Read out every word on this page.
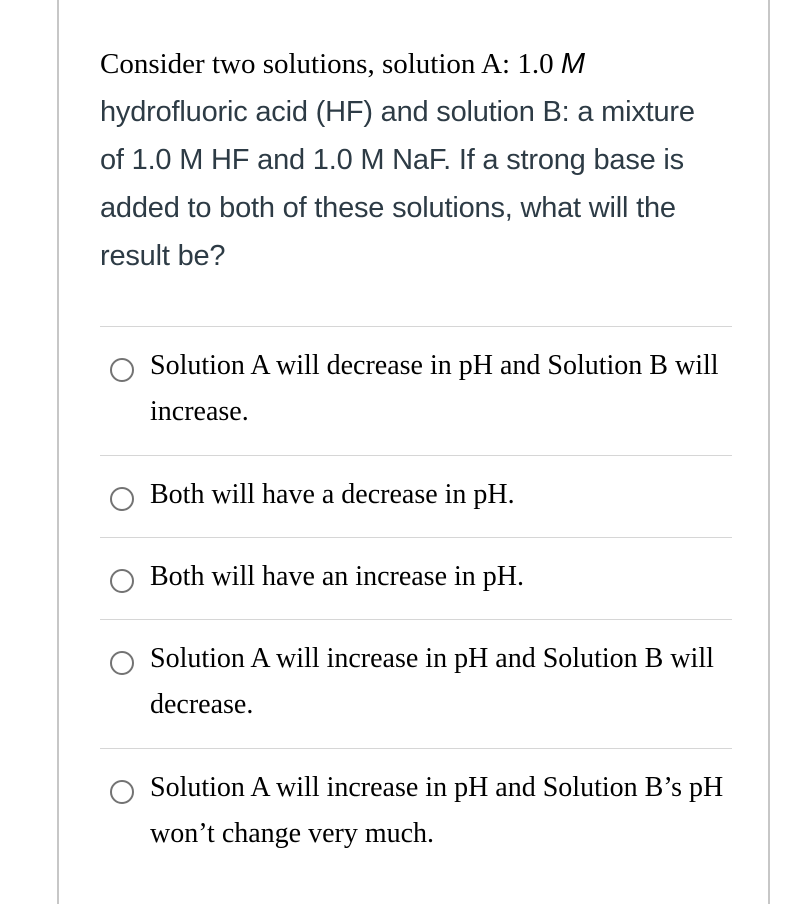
Consider two solutions, solution A: 1.0 M hydrofluoric acid (HF) and solution B: a mixture of 1.0 M HF and 1.0 M NaF. If a strong base is added to both of these solutions, what will the result be?
Solution A will decrease in pH and Solution B will increase.
Both will have a decrease in pH.
Both will have an increase in pH.
Solution A will increase in pH and Solution B will decrease.
Solution A will increase in pH and Solution B’s pH won’t change very much.
